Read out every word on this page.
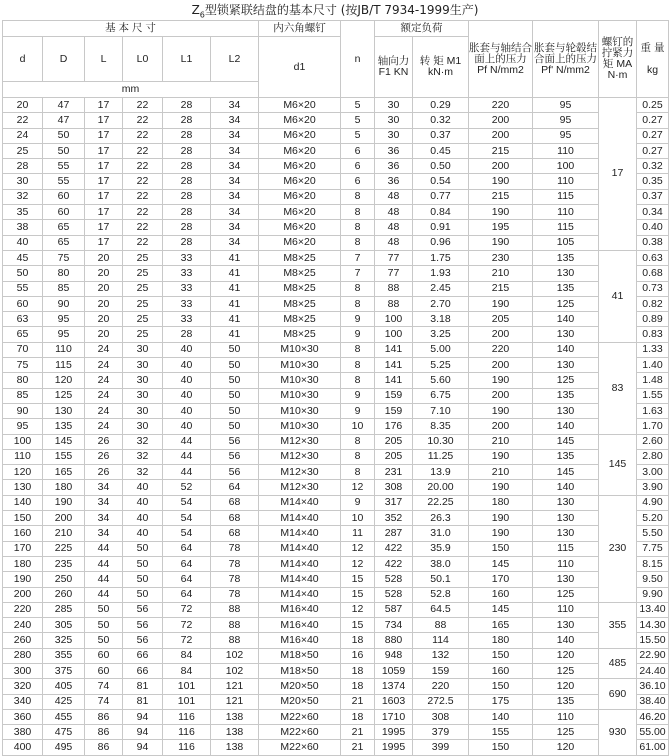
$Z_6$型锁紧联结盘的基本尺寸 (按JB/T 7934-1999生产)
基 本 尺 寸						内六角螺钉	n	额定负荷		胀套与轴结合面上的压力 Pf N/mm2	胀套与轮毂结合面上的压力 Pf' N/mm2	螺钉的拧紧力矩 MA N·m	重 量

kg
d	D	L	L0	L1	L2	d1		轴向力 F1 KN	转 矩 M1 kN·m				
mm													
20	47	17	22	28	34	M6×20	5	30	0.29	220	95	17	0.25
22	47	17	22	28	34	M6×20	5	30	0.32	200	95		0.27
24	50	17	22	28	34	M6×20	5	30	0.37	200	95		0.27
25	50	17	22	28	34	M6×20	6	36	0.45	215	110		0.27
28	55	17	22	28	34	M6×20	6	36	0.50	200	100		0.32
30	55	17	22	28	34	M6×20	6	36	0.54	190	110		0.35
32	60	17	22	28	34	M6×20	8	48	0.77	215	115		0.37
35	60	17	22	28	34	M6×20	8	48	0.84	190	110		0.34
38	65	17	22	28	34	M6×20	8	48	0.91	195	115		0.40
40	65	17	22	28	34	M6×20	8	48	0.96	190	105		0.38
45	75	20	25	33	41	M8×25	7	77	1.75	230	135	41	0.63
50	80	20	25	33	41	M8×25	7	77	1.93	210	130		0.68
55	85	20	25	33	41	M8×25	8	88	2.45	215	135		0.73
60	90	20	25	33	41	M8×25	8	88	2.70	190	125		0.82
63	95	20	25	33	41	M8×25	9	100	3.18	205	140		0.89
65	95	20	25	28	41	M8×25	9	100	3.25	200	130		0.83
70	110	24	30	40	50	M10×30	8	141	5.00	220	140	83	1.33
75	115	24	30	40	50	M10×30	8	141	5.25	200	130		1.40
80	120	24	30	40	50	M10×30	8	141	5.60	190	125		1.48
85	125	24	30	40	50	M10×30	9	159	6.75	200	135		1.55
90	130	24	30	40	50	M10×30	9	159	7.10	190	130		1.63
95	135	24	30	40	50	M10×30	10	176	8.35	200	140		1.70
100	145	26	32	44	56	M12×30	8	205	10.30	210	145	145	2.60
110	155	26	32	44	56	M12×30	8	205	11.25	190	135		2.80
120	165	26	32	44	56	M12×30	8	231	13.9	210	145		3.00
130	180	34	40	52	64	M12×30	12	308	20.00	190	140		3.90
140	190	34	40	54	68	M14×40	9	317	22.25	180	130	230	4.90
150	200	34	40	54	68	M14×40	10	352	26.3	190	130		5.20
160	210	34	40	54	68	M14×40	11	287	31.0	190	130		5.50
170	225	44	50	64	78	M14×40	12	422	35.9	150	115		7.75
180	235	44	50	64	78	M14×40	12	422	38.0	145	110		8.15
190	250	44	50	64	78	M14×40	15	528	50.1	170	130		9.50
200	260	44	50	64	78	M14×40	15	528	52.8	160	125		9.90
220	285	50	56	72	88	M16×40	12	587	64.5	145	110	355	13.40
240	305	50	56	72	88	M16×40	15	734	88	165	130		14.30
260	325	50	56	72	88	M16×40	18	880	114	180	140		15.50
280	355	60	66	84	102	M18×50	16	948	132	150	120	485	22.90
300	375	60	66	84	102	M18×50	18	1059	159	160	125		24.40
320	405	74	81	101	121	M20×50	18	1374	220	150	120	690	36.10
340	425	74	81	101	121	M20×50	21	1603	272.5	175	135		38.40
360	455	86	94	116	138	M22×60	18	1710	308	140	110	930	46.20
380	475	86	94	116	138	M22×60	21	1995	379	155	125		55.00
400	495	86	94	116	138	M22×60	21	1995	399	150	120		61.00
